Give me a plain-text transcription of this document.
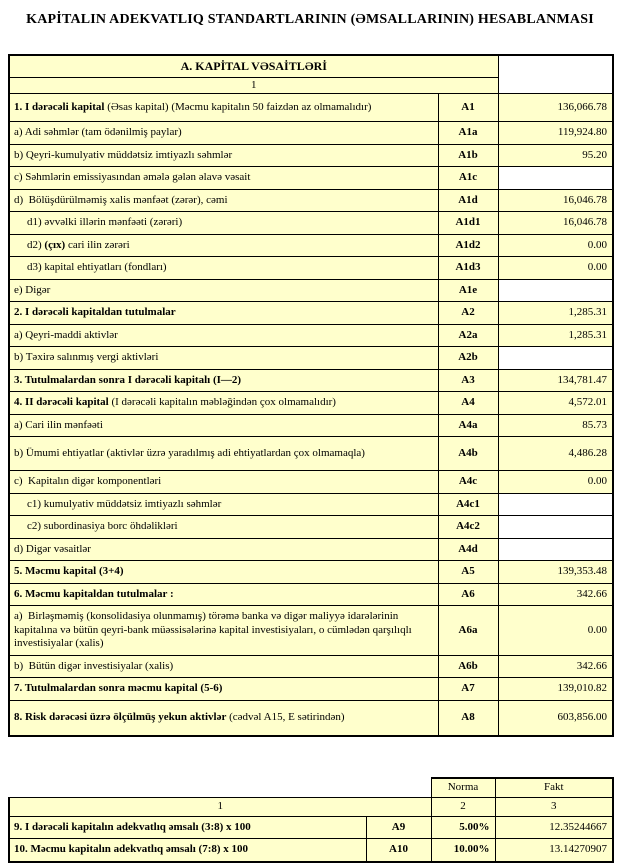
KAPİTALIN ADEKVATLIQ STANDARTLARININ (ƏMSALLARININ) HESABLANMASI
A. KAPİTAL VƏSAİTLƏRİ		
1		
1. I dərəcəli kapital (Əsas kapital) (Məcmu kapitalın 50 faizdən az olmamalıdır)	A1	136,066.78
a) Adi səhmlər (tam ödənilmiş paylar)	A1a	119,924.80
b) Qeyri-kumulyativ müddətsiz imtiyazlı səhmlər	A1b	95.20
c) Səhmlərin emissiyasından əmələ gələn əlavə vəsait	A1c	
d)  Bölüşdürülməmiş xalis mənfəət (zərər), cəmi	A1d	16,046.78
d1) əvvəlki illərin mənfəəti (zərəri)	A1d1	16,046.78
d2) (çıx) cari ilin zərəri	A1d2	0.00
d3) kapital ehtiyatları (fondları)	A1d3	0.00
e) Digər	A1e	
2. I dərəcəli kapitaldan tutulmalar	A2	1,285.31
a) Qeyri-maddi aktivlər	A2a	1,285.31
b) Təxirə salınmış vergi aktivləri	A2b	
3. Tutulmalardan sonra I dərəcəli kapitalı (I—2)	A3	134,781.47
4. II dərəcəli kapital (I dərəcəli kapitalın məbləğindən çox olmamalıdır)	A4	4,572.01
a) Cari ilin mənfəəti	A4a	85.73
b) Ümumi ehtiyatlar (aktivlər üzrə yaradılmış adi ehtiyatlardan çox olmamaqla)	A4b	4,486.28
c)  Kapitalın digər komponentləri	A4c	0.00
c1) kumulyativ müddətsiz imtiyazlı səhmlər	A4c1	
c2) subordinasiya borc öhdəlikləri	A4c2	
d) Digər vəsaitlər	A4d	
5. Məcmu kapital (3+4)	A5	139,353.48
6. Məcmu kapitaldan tutulmalar :	A6	342.66
a)  Birləşməmiş (konsolidasiya olunmamış) törəmə banka və digər maliyyə idarələrinin kapitalına və bütün qeyri-bank müəssisələrinə kapital investisiyaları, o cümlədən qarşılıqlı investisiyalar (xalis)	A6a	0.00
b)  Bütün digər investisiyalar (xalis)	A6b	342.66
7. Tutulmalardan sonra məcmu kapital (5-6)	A7	139,010.82
8. Risk dərəcəsi üzrə ölçülmüş yekun aktivlər (cədvəl A15, E sətirindən)	A8	603,856.00
		Norma	Fakt
1		2	3
9. I dərəcəli kapitalın adekvatlıq əmsalı (3:8) x 100	A9	5.00%	12.35244667
10. Məcmu kapitalın adekvatlıq əmsalı (7:8) x 100	A10	10.00%	13.14270907
